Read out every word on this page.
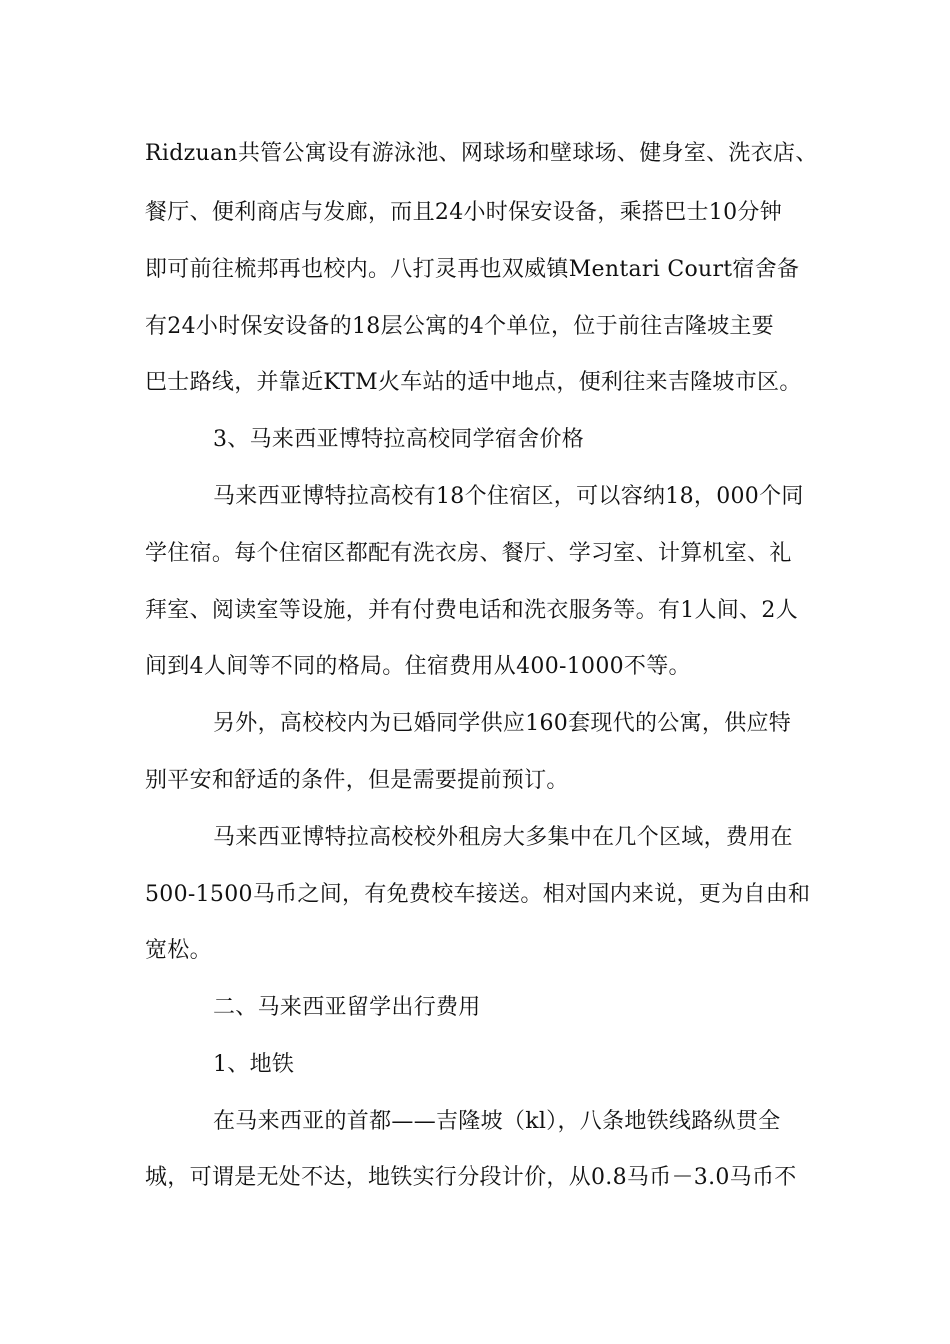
Ridzuan共管公寓设有游泳池、网球场和壁球场、健身室、洗衣店、
餐厅、便利商店与发廊，而且24小时保安设备，乘搭巴士10分钟
即可前往梳邦再也校内。八打灵再也双威镇Mentari Court宿舍备
有24小时保安设备的18层公寓的4个单位，位于前往吉隆坡主要
巴士路线，并靠近KTM火车站的适中地点，便利往来吉隆坡市区。
3、马来西亚博特拉高校同学宿舍价格
马来西亚博特拉高校有18个住宿区，可以容纳18，000个同
学住宿。每个住宿区都配有洗衣房、餐厅、学习室、计算机室、礼
拜室、阅读室等设施，并有付费电话和洗衣服务等。有1人间、2人
间到4人间等不同的格局。住宿费用从400-1000不等。
另外，高校校内为已婚同学供应160套现代的公寓，供应特
别平安和舒适的条件，但是需要提前预订。
马来西亚博特拉高校校外租房大多集中在几个区域，费用在
500-1500马币之间，有免费校车接送。相对国内来说，更为自由和
宽松。
二、马来西亚留学出行费用
1、地铁
在马来西亚的首都——吉隆坡（kl），八条地铁线路纵贯全
城，可谓是无处不达，地铁实行分段计价，从0.8马币－3.0马币不
